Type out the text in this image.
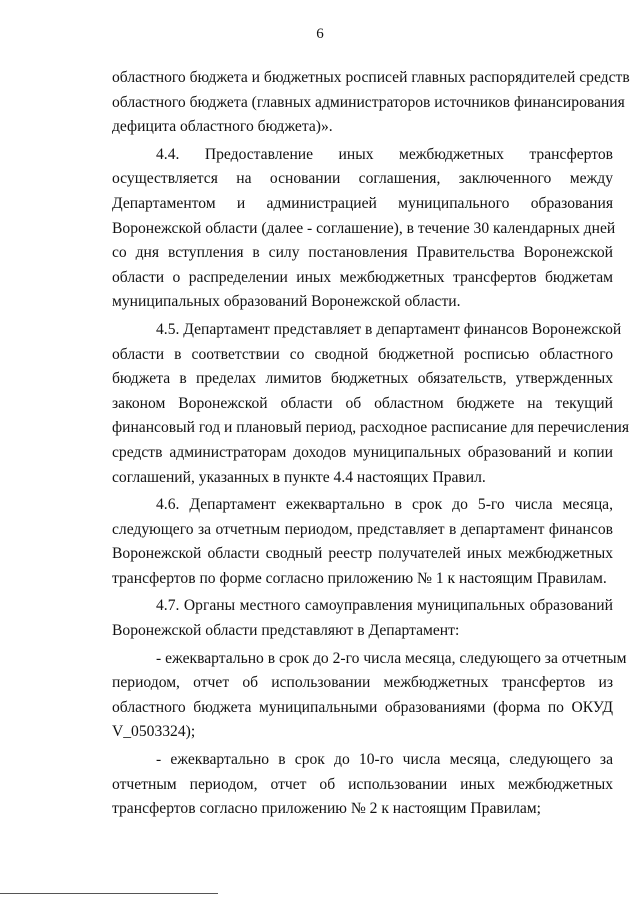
6
областного бюджета и бюджетных росписей главных распорядителей средств
областного бюджета (главных администраторов источников финансирования
дефицита областного бюджета)».
4.4. Предоставление иных межбюджетных трансфертов
осуществляется на основании соглашения, заключенного между
Департаментом и администрацией муниципального образования
Воронежской области (далее - соглашение), в течение 30 календарных дней
со дня вступления в силу постановления Правительства Воронежской
области о распределении иных межбюджетных трансфертов бюджетам
муниципальных образований Воронежской области.
4.5. Департамент представляет в департамент финансов Воронежской
области в соответствии со сводной бюджетной росписью областного
бюджета в пределах лимитов бюджетных обязательств, утвержденных
законом Воронежской области об областном бюджете на текущий
финансовый год и плановый период, расходное расписание для перечисления
средств администраторам доходов муниципальных образований и копии
соглашений, указанных в пункте 4.4 настоящих Правил.
4.6. Департамент ежеквартально в срок до 5-го числа месяца,
следующего за отчетным периодом, представляет в департамент финансов
Воронежской области сводный реестр получателей иных межбюджетных
трансфертов по форме согласно приложению № 1 к настоящим Правилам.
4.7. Органы местного самоуправления муниципальных образований
Воронежской области представляют в Департамент:
- ежеквартально в срок до 2-го числа месяца, следующего за отчетным
периодом, отчет об использовании межбюджетных трансфертов из
областного бюджета муниципальными образованиями (форма по ОКУД
V_0503324);
- ежеквартально в срок до 10-го числа месяца, следующего за
отчетным периодом, отчет об использовании иных межбюджетных
трансфертов согласно приложению № 2 к настоящим Правилам;
